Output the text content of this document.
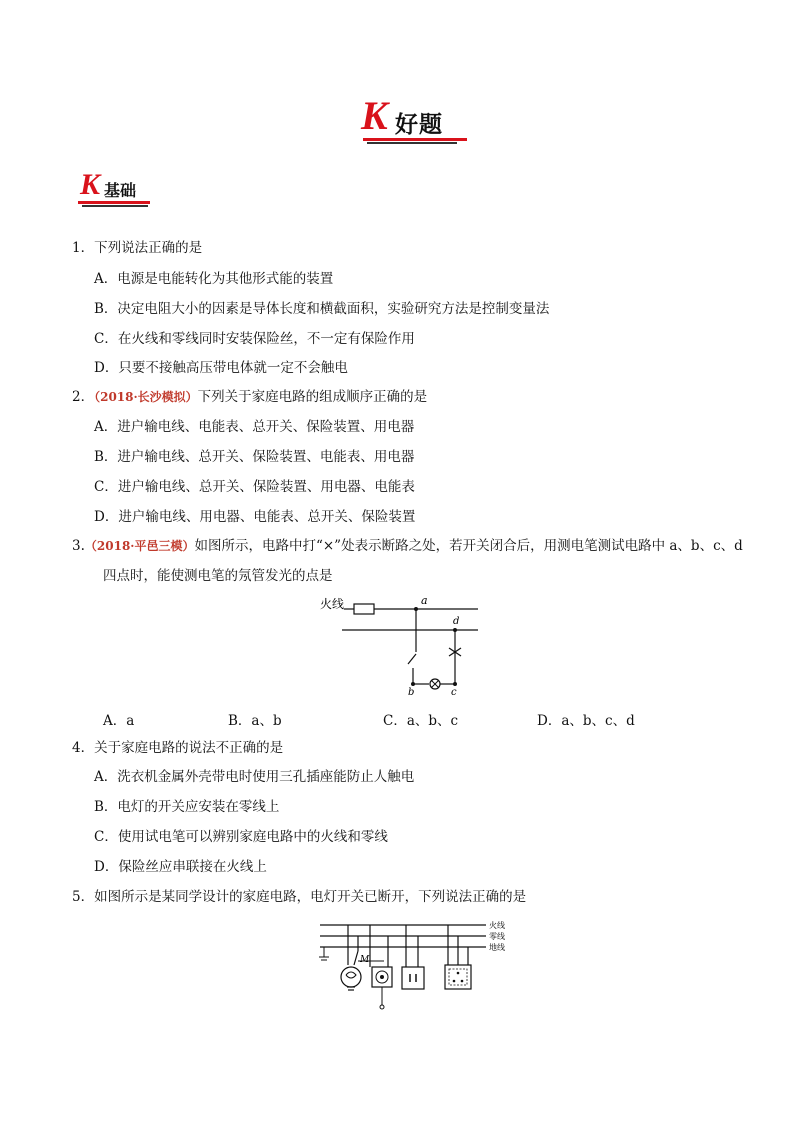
K 好题
K 基础
1．下列说法正确的是
A．电源是电能转化为其他形式能的装置
B．决定电阻大小的因素是导体长度和横截面积，实验研究方法是控制变量法
C．在火线和零线同时安装保险丝，不一定有保险作用
D．只要不接触高压带电体就一定不会触电
2．（2018·长沙模拟）下列关于家庭电路的组成顺序正确的是
A．进户输电线、电能表、总开关、保险装置、用电器
B．进户输电线、总开关、保险装置、电能表、用电器
C．进户输电线、总开关、保险装置、用电器、电能表
D．进户输电线、用电器、电能表、总开关、保险装置
3.（2018·平邑三模）如图所示，电路中打“×”处表示断路之处，若开关闭合后，用测电笔测试电路中 a、b、c、d
四点时，能使测电笔的氖管发光的点是
火线	a
b	c
d
A．a	B．a、b	C．a、b、c	D．a、b、c、d
4．关于家庭电路的说法不正确的是
A．洗衣机金属外壳带电时使用三孔插座能防止人触电
B．电灯的开关应安装在零线上
C．使用试电笔可以辨别家庭电路中的火线和零线
D．保险丝应串联接在火线上
5．如图所示是某同学设计的家庭电路，电灯开关已断开，下列说法正确的是
火线
零线
地线
M
